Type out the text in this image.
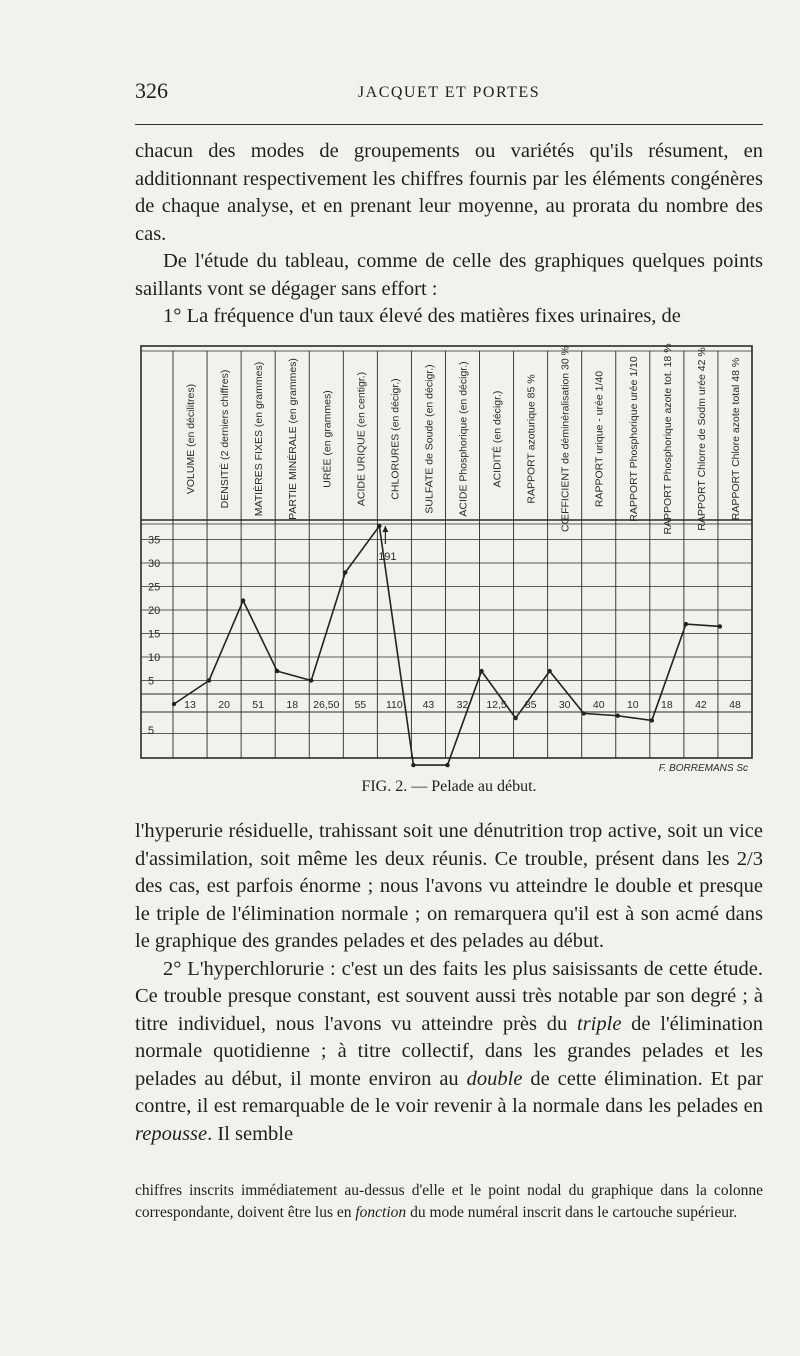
326	JACQUET ET PORTES

chacun des modes de groupements ou variétés qu'ils résument, en additionnant respectivement les chiffres fournis par les éléments congénères de chaque analyse, et en prenant leur moyenne, au prorata du nombre des cas.

De l'étude du tableau, comme de celle des graphiques quelques points saillants vont se dégager sans effort :

1° La fréquence d'un taux élevé des matières fixes urinaires, de

VOLUME (en décilitres) DENSITÉ (2 derniers chiffres) MATIÈRES FIXES (en grammes) PARTIE MINÉRALE (en grammes) URÉE (en grammes) ACIDE URIQUE (en centigr.) CHLORURES (en décigr.) SULFATE de Soude (en décigr.) ACIDE Phosphorique (en décigr.) ACIDITÉ (en décigr.) RAPPORT azoturique 85 % CŒFFICIENT de déminéralisation 30 % RAPPORT urique - urée 1/40 RAPPORT Phosphorique urée 1/10 RAPPORT Phosphorique azote tot. 18 % RAPPORT Chlorre de Sodm urée 42 % RAPPORT Chlore azote total 48 %
35
30
25
20
15
10
5
5
13 20 51 18 26,50 55 110 43 32 12,5 85 30 40 10 18 42 48
191
F. BORREMANS Sc
FIG. 2. — Pelade au début.

l'hyperurie résiduelle, trahissant soit une dénutrition trop active, soit un vice d'assimilation, soit même les deux réunis. Ce trouble, présent dans les 2/3 des cas, est parfois énorme ; nous l'avons vu atteindre le double et presque le triple de l'élimination normale ; on remarquera qu'il est à son acmé dans le graphique des grandes pelades et des pelades au début.

2° L'hyperchlorurie : c'est un des faits les plus saisissants de cette étude. Ce trouble presque constant, est souvent aussi très notable par son degré ; à titre individuel, nous l'avons vu atteindre près du triple de l'élimination normale quotidienne ; à titre collectif, dans les grandes pelades et les pelades au début, il monte environ au double de cette élimination. Et par contre, il est remarquable de le voir revenir à la normale dans les pelades en repousse. Il semble

chiffres inscrits immédiatement au-dessus d'elle et le point nodal du graphique dans la colonne correspondante, doivent être lus en fonction du mode numéral inscrit dans le cartouche supérieur.
